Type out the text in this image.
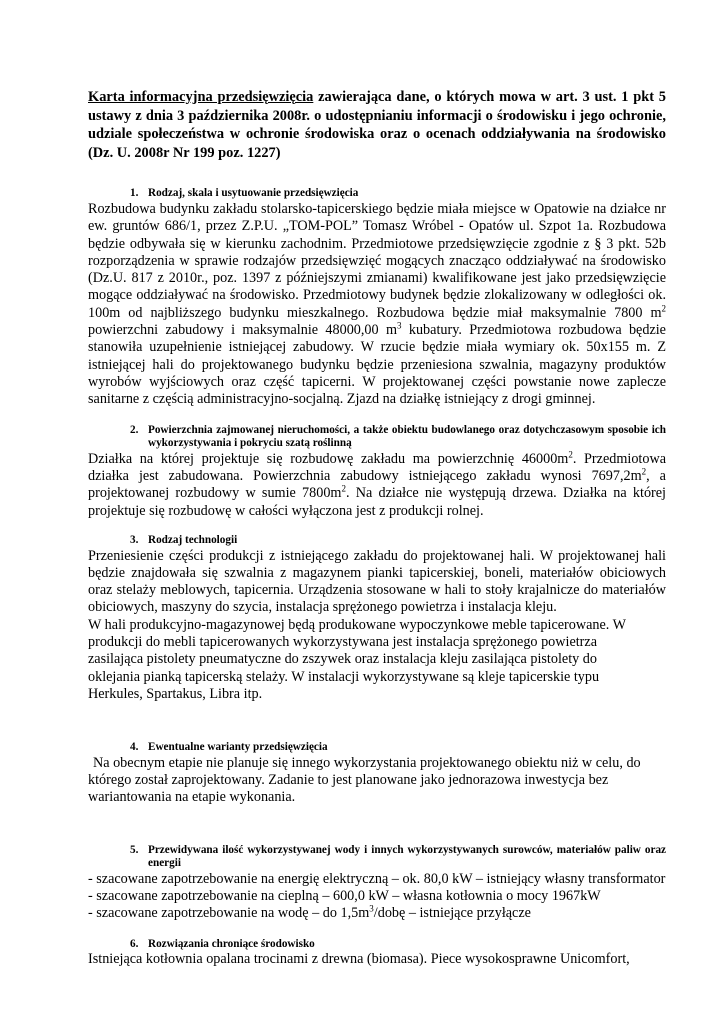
Karta informacyjna przedsięwzięcia zawierająca dane, o których mowa w art. 3 ust. 1 pkt 5 ustawy z dnia 3 października 2008r. o udostępnianiu informacji o środowisku i jego ochronie, udziale społeczeństwa w ochronie środowiska oraz o ocenach oddziaływania na środowisko (Dz. U. 2008r Nr 199 poz. 1227)

1. Rodzaj, skala i usytuowanie przedsięwzięcia

Rozbudowa budynku zakładu stolarsko-tapicerskiego będzie miała miejsce w Opatowie na działce nr ew. gruntów 686/1, przez Z.P.U. „TOM-POL” Tomasz Wróbel - Opatów ul. Szpot 1a. Rozbudowa będzie odbywała się w kierunku zachodnim. Przedmiotowe przedsięwzięcie zgodnie z § 3 pkt. 52b rozporządzenia w sprawie rodzajów przedsięwzięć mogących znacząco oddziaływać na środowisko (Dz.U. 817 z 2010r., poz. 1397 z późniejszymi zmianami) kwalifikowane jest jako przedsięwzięcie mogące oddziaływać na środowisko. Przedmiotowy budynek będzie zlokalizowany w odległości ok. 100m od najbliższego budynku mieszkalnego. Rozbudowa będzie miał maksymalnie 7800 $m^2$ powierzchni zabudowy i maksymalnie 48000,00 $m^3$ kubatury. Przedmiotowa rozbudowa będzie stanowiła uzupełnienie istniejącej zabudowy. W rzucie będzie miała wymiary ok. 50x155 m. Z istniejącej hali do projektowanego budynku będzie przeniesiona szwalnia, magazyny produktów wyrobów wyjściowych oraz część tapicerni. W projektowanej części powstanie nowe zaplecze sanitarne z częścią administracyjno-socjalną. Zjazd na działkę istniejący z drogi gminnej.

2. Powierzchnia zajmowanej nieruchomości, a także obiektu budowlanego oraz dotychczasowym sposobie ich wykorzystywania i pokryciu szatą roślinną

Działka na której projektuje się rozbudowę zakładu ma powierzchnię $46000m^2$. Przedmiotowa działka jest zabudowana. Powierzchnia zabudowy istniejącego zakładu wynosi $7697,2m^2$, a projektowanej rozbudowy w sumie $7800m^2$. Na działce nie występują drzewa. Działka na której projektuje się rozbudowę w całości wyłączona jest z produkcji rolnej.

3. Rodzaj technologii

Przeniesienie części produkcji z istniejącego zakładu do projektowanej hali. W projektowanej hali będzie znajdowała się szwalnia z magazynem pianki tapicerskiej, boneli, materiałów obiciowych oraz stelaży meblowych, tapicernia. Urządzenia stosowane w hali to stoły krajalnicze do materiałów obiciowych, maszyny do szycia, instalacja sprężonego powietrza i instalacja kleju.

W hali produkcyjno-magazynowej będą produkowane wypoczynkowe meble tapicerowane. W
produkcji do mebli tapicerowanych wykorzystywana jest instalacja sprężonego powietrza
zasilająca pistolety pneumatyczne do zszywek oraz instalacja kleju zasilająca pistolety do
oklejania pianką tapicerską stelaży. W instalacji wykorzystywane są kleje tapicerskie typu
Herkules, Spartakus, Libra itp.
4. Ewentualne warianty przedsięwzięcia
Na obecnym etapie nie planuje się innego wykorzystania projektowanego obiektu niż w celu, do
którego został zaprojektowany. Zadanie to jest planowane jako jednorazowa inwestycja bez
wariantowania na etapie wykonania.
5. Przewidywana ilość wykorzystywanej wody i innych wykorzystywanych surowców, materiałów paliw oraz energii

- szacowane zapotrzebowanie na energię elektryczną – ok. 80,0 kW – istniejący własny transformator

- szacowane zapotrzebowanie na cieplną – 600,0 kW – własna kotłownia o mocy 1967kW

- szacowane zapotrzebowanie na wodę – do $1,5m^3$/dobę – istniejące przyłącze

6. Rozwiązania chroniące środowisko

Istniejąca kotłownia opalana trocinami z drewna (biomasa). Piece wysokosprawne Unicomfort,
